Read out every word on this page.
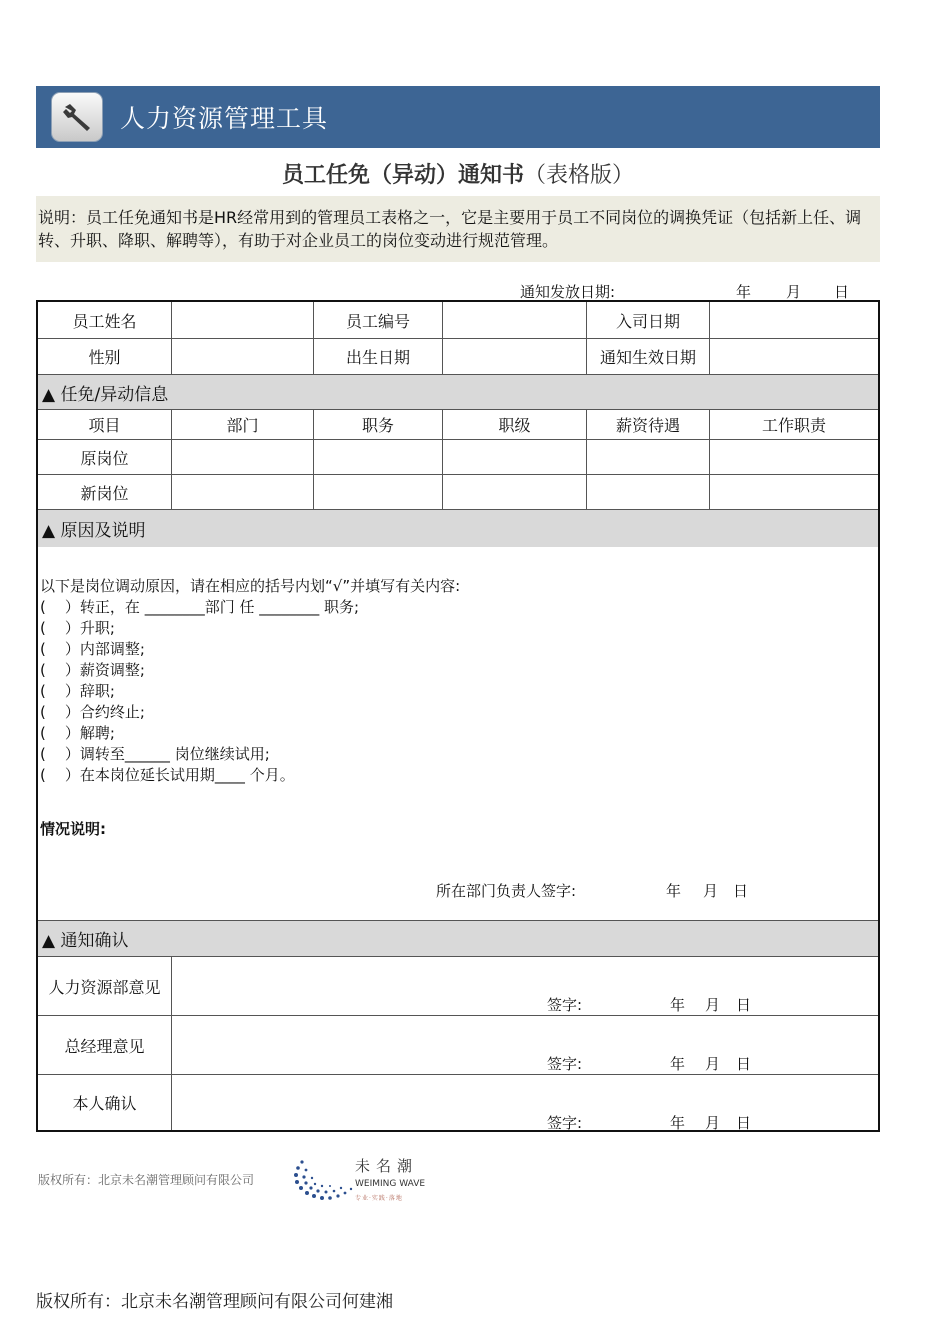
人力资源管理工具
员工任免（异动）通知书（表格版）
说明：员工任免通知书是HR经常用到的管理员工表格之一，它是主要用于员工不同岗位的调换凭证（包括新上任、调转、升职、降职、解聘等），有助于对企业员工的岗位变动进行规范管理。
通知发放日期:	年 月 日
员工姓名	员工编号	入司日期
性别	出生日期	通知生效日期
▲ 任免/异动信息
项目	部门	职务	职级	薪资待遇	工作职责
原岗位
新岗位
▲ 原因及说明
以下是岗位调动原因，请在相应的括号内划“√”并填写有关内容:
(    ）转正，在 ________部门 任 ________ 职务;
(    ）升职;
(    ）内部调整;
(    ）薪资调整;
(    ）辞职;
(    ）合约终止;
(    ）解聘;
(    ）调转至______ 岗位继续试用;
(    ）在本岗位延长试用期____ 个月。
情况说明:
所在部门负责人签字:	年 月 日
▲ 通知确认
人力资源部意见
签字:	年 月 日
总经理意见
签字:	年 月 日
本人确认
签字:	年 月 日
版权所有：北京未名潮管理顾问有限公司
未名潮
WEIMING WAVE
专业·实践·落地
版权所有：北京未名潮管理顾问有限公司何建湘
